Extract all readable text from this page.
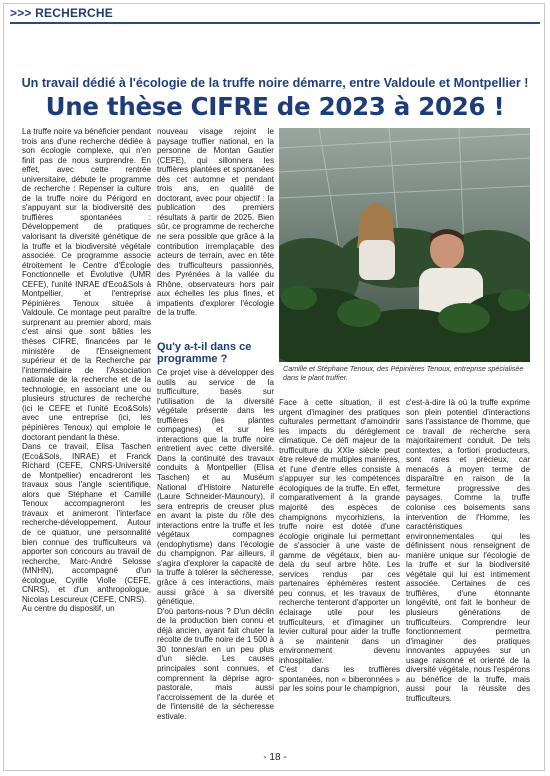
>>> RECHERCHE
Un travail dédié à l'écologie de la truffe noire démarre, entre Valdoule et Montpellier !
Une thèse CIFRE de 2023 à 2026 !

La truffe noire va bénéficier pendant trois ans d'une recherche dédiée à son écologie complexe, qui n'en finit pas de nous surprendre. En effet, avec cette rentrée universitaire, débute le programme de recherche : Repenser la culture de la truffe noire du Périgord en s'appuyant sur la biodiversité des truffières spontanées : Développement de pratiques valorisant la diversité génétique de la truffe et la biodiversité végétale associée. Ce programme associe étroitement le Centre d'Écologie Fonctionnelle et Évolutive (UMR CEFE), l'unité INRAE d'Eco&Sols à Montpellier, et l'entreprise Pépinières Tenoux située à Valdoule. Ce montage peut paraître surprenant au premier abord, mais c'est ainsi que sont bâties les thèses CIFRE, financées par le ministère de l'Enseignement supérieur et de la Recherche par l'intermédiaire de l'Association nationale de la recherche et de la technologie, en associant une ou plusieurs structures de recherche (ici le CEFE et l'unité Eco&Sols) avec une entreprise (ici, les pépinières Tenoux) qui emploie le doctorant pendant la thèse.

Dans ce travail, Elisa Taschen (Eco&Sols, INRAE) et Franck Richard (CEFE, CNRS-Université de Montpellier) encadreront les travaux sous l'angle scientifique, alors que Stéphane et Camille Tenoux accompagneront les travaux et animeront l'interface recherche-développement. Autour de ce quatuor, une personnalité bien connue des trufficulteurs va apporter son concours au travail de recherche, Marc-André Selosse (MNHN), accompagné d'un écologue, Cyrille Violle (CEFE, CNRS), et d'un anthropologue, Nicolas Lescureux (CEFE, CNRS).

Au centre du dispositif, un

nouveau visage rejoint le paysage truffier national, en la personne de Montan Gautier (CEFE), qui sillonnera les truffières plantées et spontanées dès cet automne et pendant trois ans, en qualité de doctorant, avec pour objectif : la publication des premiers résultats à partir de 2025. Bien sûr, ce programme de recherche ne sera possible que grâce à la contribution irremplaçable des acteurs de terrain, avec en tête des trufficulteurs passionnés, des Pyrénées à la vallée du Rhône, observateurs hors pair aux échelles les plus fines, et impatients d'explorer l'écologie de la truffe.

Qu'y a-t-il dans ce programme ?

Ce projet vise à développer des outils au service de la trufficulture, basés sur l'utilisation de la diversité végétale présente dans les truffières (les plantes compagnes) et sur les interactions que la truffe noire entretient avec cette diversité. Dans la continuité des travaux conduits à Montpellier (Elisa Taschen) et au Muséum National d'Histoire Naturelle (Laure Schneider-Maunoury), il sera entrepris de creuser plus en avant la piste du rôle des interactions entre la truffe et les végétaux compagnes (endophytisme) dans l'écologie du champignon. Par ailleurs, il s'agira d'explorer la capacité de la truffe à tolérer la sécheresse, grâce à ces interactions, mais aussi grâce à sa diversité génétique.

D'où partons-nous ? D'un déclin de la production bien connu et déjà ancien, ayant fait chuter la récolte de truffe noire de 1 500 à 30 tonnes/an en un peu plus d'un siècle. Les causes principales sont connues, et comprennent la déprise agro-pastorale, mais aussi l'accroissement de la durée et de l'intensité de la sécheresse estivale.

Camille et Stéphane Tenoux, des Pépinières Tenoux, entreprise spécialisée dans le plant truffier.

Face à cette situation, il est urgent d'imaginer des pratiques culturales permettant d'amoindrir les impacts du dérèglement climatique. Ce défi majeur de la trufficulture du XXIe siècle peut être relevé de multiples manières, et l'une d'entre elles consiste à s'appuyer sur les compétences écologiques de la truffe. En effet, comparativement à la grande majorité des espèces de champignons mycorhiziens, la truffe noire est dotée d'une écologie originale lui permettant de s'associer à une vaste de gamme de végétaux, bien au-delà du seul arbre hôte. Les services rendus par ces partenaires éphémères restent peu connus, et les travaux de recherche tenteront d'apporter un éclairage utile pour les trufficulteurs, et d'imaginer un levier cultural pour aider la truffe à se maintenir dans un environnement devenu inhospitalier.

C'est dans les truffières spontanées, non « biberonnées » par les soins pour le champignon,

c'est-à-dire là où la truffe exprime son plein potentiel d'interactions sans l'assistance de l'homme, que ce travail de recherche sera majoritairement conduit. De tels contextes, a fortiori producteurs, sont rares et précieux, car menacés à moyen terme de disparaître en raison de la fermeture progressive des paysages. Comme la truffe colonise ces boisements sans intervention de l'Homme, les caractéristiques environnementales qui les définissent nous renseignent de manière unique sur l'écologie de la truffe et sur la biodiversité végétale qui lui est intimement associée. Certaines de ces truffières, d'une étonnante longévité, ont fait le bonheur de plusieurs générations de trufficulteurs. Comprendre leur fonctionnement permettra d'imaginer des pratiques innovantes appuyées sur un usage raisonné et orienté de la diversité végétale, nous l'espérons au bénéfice de la truffe, mais aussi pour la réussite des trufficulteurs.

- 18 -
